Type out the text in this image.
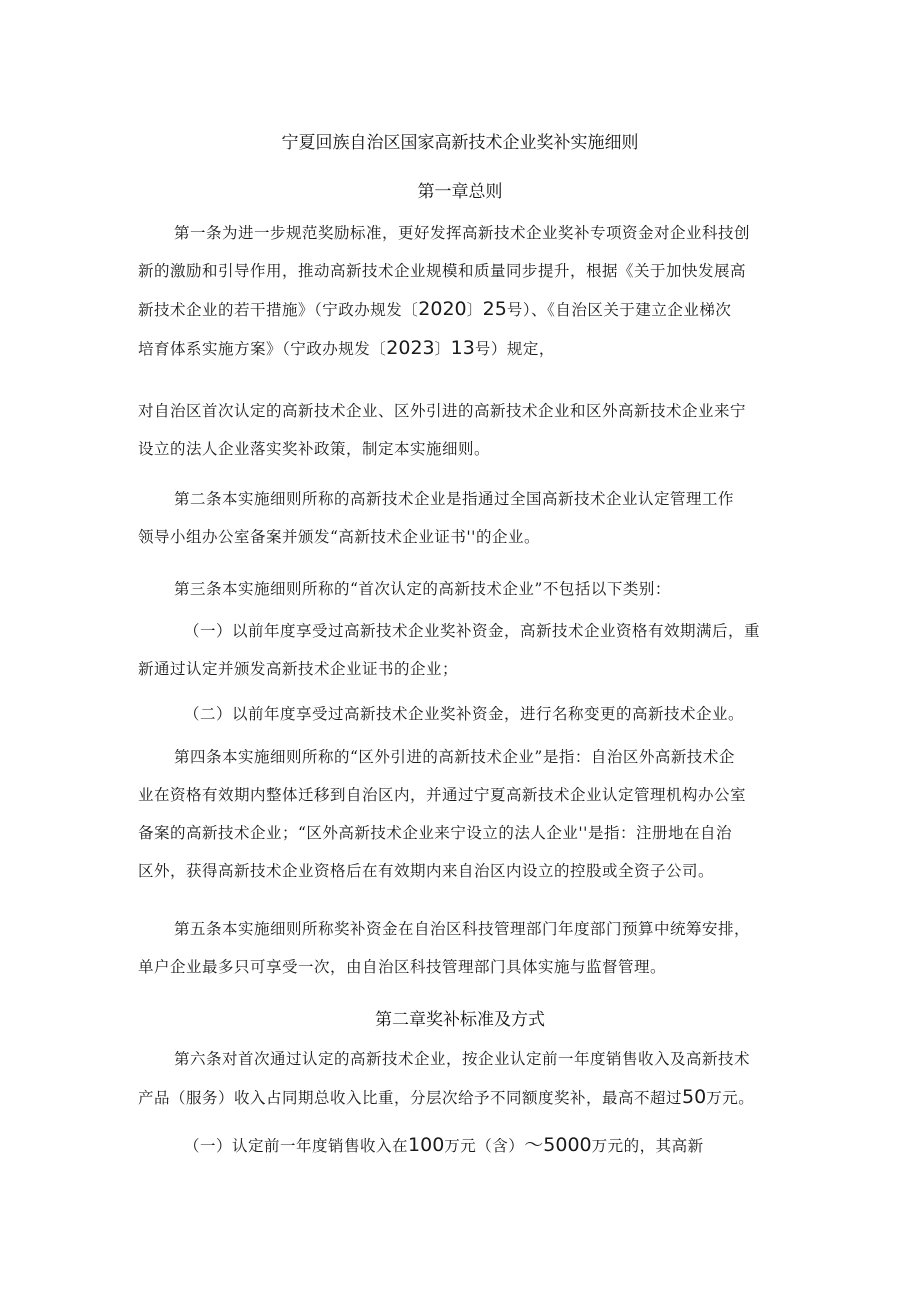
宁夏回族自治区国家高新技术企业奖补实施细则
第一章总则

第一条为进一步规范奖励标准，更好发挥高新技术企业奖补专项资金对企业科技创
新的激励和引导作用，推动高新技术企业规模和质量同步提升，根据《关于加快发展高
新技术企业的若干措施》（宁政办规发〔2020〕25号）、《自治区关于建立企业梯次
培育体系实施方案》（宁政办规发〔2023〕13号）规定，

对自治区首次认定的高新技术企业、区外引进的高新技术企业和区外高新技术企业来宁
设立的法人企业落实奖补政策，制定本实施细则。

第二条本实施细则所称的高新技术企业是指通过全国高新技术企业认定管理工作
领导小组办公室备案并颁发“高新技术企业证书''的企业。

第三条本实施细则所称的“首次认定的高新技术企业”不包括以下类别：

（一）以前年度享受过高新技术企业奖补资金，高新技术企业资格有效期满后，重
新通过认定并颁发高新技术企业证书的企业；

（二）以前年度享受过高新技术企业奖补资金，进行名称变更的高新技术企业。

第四条本实施细则所称的“区外引进的高新技术企业”是指：自治区外高新技术企
业在资格有效期内整体迁移到自治区内，并通过宁夏高新技术企业认定管理机构办公室
备案的高新技术企业；“区外高新技术企业来宁设立的法人企业''是指：注册地在自治
区外，获得高新技术企业资格后在有效期内来自治区内设立的控股或全资子公司。

第五条本实施细则所称奖补资金在自治区科技管理部门年度部门预算中统筹安排，
单户企业最多只可享受一次，由自治区科技管理部门具体实施与监督管理。

第二章奖补标准及方式

第六条对首次通过认定的高新技术企业，按企业认定前一年度销售收入及高新技术
产品（服务）收入占同期总收入比重，分层次给予不同额度奖补，最高不超过50万元。

（一）认定前一年度销售收入在100万元（含）～5000万元的，其高新
